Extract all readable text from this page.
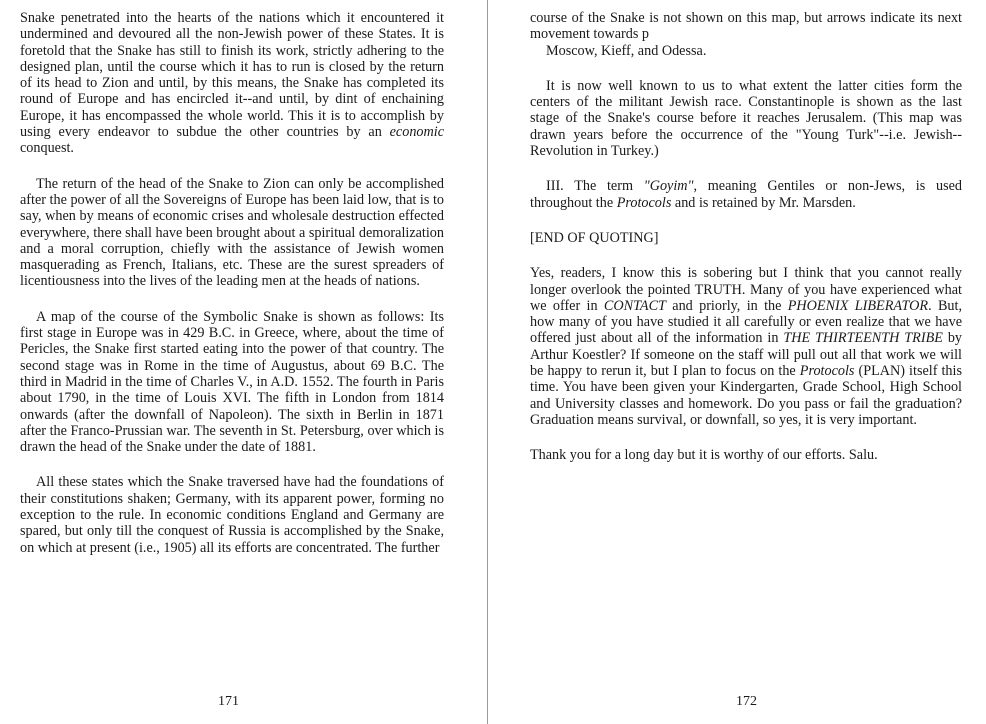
Snake penetrated into the hearts of the nations which it encountered it undermined and devoured all the non-Jewish power of these States. It is foretold that the Snake has still to finish its work, strictly adhering to the designed plan, until the course which it has to run is closed by the return of its head to Zion and until, by this means, the Snake has completed its round of Europe and has encircled it--and until, by dint of enchaining Europe, it has encompassed the whole world. This it is to accomplish by using every endeavor to subdue the other countries by an economic conquest.

The return of the head of the Snake to Zion can only be accomplished after the power of all the Sovereigns of Europe has been laid low, that is to say, when by means of economic crises and wholesale destruction effected everywhere, there shall have been brought about a spiritual demoralization and a moral corruption, chiefly with the assistance of Jewish women masquerading as French, Italians, etc. These are the surest spreaders of licentiousness into the lives of the leading men at the heads of nations.

A map of the course of the Symbolic Snake is shown as follows: Its first stage in Europe was in 429 B.C. in Greece, where, about the time of Pericles, the Snake first started eating into the power of that country. The second stage was in Rome in the time of Augustus, about 69 B.C. The third in Madrid in the time of Charles V., in A.D. 1552. The fourth in Paris about 1790, in the time of Louis XVI. The fifth in London from 1814 onwards (after the downfall of Napoleon). The sixth in Berlin in 1871 after the Franco-Prussian war. The seventh in St. Petersburg, over which is drawn the head of the Snake under the date of 1881.

All these states which the Snake traversed have had the foundations of their constitutions shaken; Germany, with its apparent power, forming no exception to the rule. In economic conditions England and Germany are spared, but only till the conquest of Russia is accomplished by the Snake, on which at present (i.e., 1905) all its efforts are concentrated. The further

171

course of the Snake is not shown on this map, but arrows indicate its next movement towards p
Moscow, Kieff, and Odessa.

It is now well known to us to what extent the latter cities form the centers of the militant Jewish race. Constantinople is shown as the last stage of the Snake's course before it reaches Jerusalem. (This map was drawn years before the occurrence of the "Young Turk"--i.e. Jewish--Revolution in Turkey.)

III. The term "Goyim", meaning Gentiles or non-Jews, is used throughout the Protocols and is retained by Mr. Marsden.

[END OF QUOTING]

Yes, readers, I know this is sobering but I think that you cannot really longer overlook the pointed TRUTH. Many of you have experienced what we offer in CONTACT and priorly, in the PHOENIX LIBERATOR. But, how many of you have studied it all carefully or even realize that we have offered just about all of the information in THE THIRTEENTH TRIBE by Arthur Koestler? If someone on the staff will pull out all that work we will be happy to rerun it, but I plan to focus on the Protocols (PLAN) itself this time. You have been given your Kindergarten, Grade School, High School and University classes and homework. Do you pass or fail the graduation? Graduation means survival, or downfall, so yes, it is very important.

Thank you for a long day but it is worthy of our efforts. Salu.

172
